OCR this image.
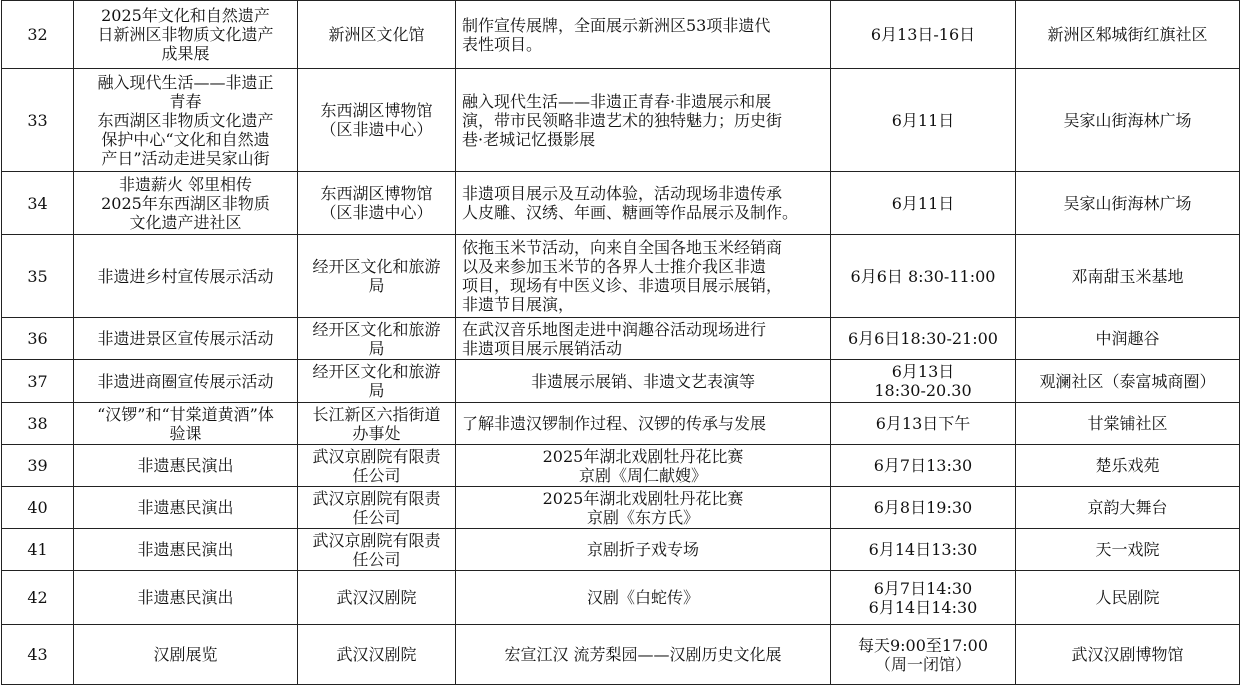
32	2025年文化和自然遗产
日新洲区非物质文化遗产
成果展	新洲区文化馆	制作宣传展牌，全面展示新洲区53项非遗代
表性项目。	6月13日-16日	新洲区邾城街红旗社区
33	融入现代生活——非遗正
青春
东西湖区非物质文化遗产
保护中心“文化和自然遗
产日”活动走进吴家山街	东西湖区博物馆
（区非遗中心）	融入现代生活——非遗正青春·非遗展示和展
演，带市民领略非遗艺术的独特魅力；历史街
巷·老城记忆摄影展	6月11日	吴家山街海林广场
34	非遗薪火 邻里相传
2025年东西湖区非物质
文化遗产进社区	东西湖区博物馆
（区非遗中心）	非遗项目展示及互动体验，活动现场非遗传承
人皮雕、汉绣、年画、糖画等作品展示及制作。	6月11日	吴家山街海林广场
35	非遗进乡村宣传展示活动	经开区文化和旅游
局	依拖玉米节活动，向来自全国各地玉米经销商
以及来参加玉米节的各界人士推介我区非遗
项目，现场有中医义诊、非遗项目展示展销，
非遗节目展演，	6月6日 8:30-11:00	邓南甜玉米基地
36	非遗进景区宣传展示活动	经开区文化和旅游
局	在武汉音乐地图走进中润趣谷活动现场进行
非遗项目展示展销活动	6月6日18:30-21:00	中润趣谷
37	非遗进商圈宣传展示活动	经开区文化和旅游
局	非遗展示展销、非遗文艺表演等	6月13日
18:30-20.30	观澜社区（泰富城商圈）
38	“汉锣”和“甘棠道黄酒”体
验课	长江新区六指街道
办事处	了解非遗汉锣制作过程、汉锣的传承与发展	6月13日下午	甘棠铺社区
39	非遗惠民演出	武汉京剧院有限责
任公司	2025年湖北戏剧牡丹花比赛
京剧《周仁献嫂》	6月7日13:30	楚乐戏苑
40	非遗惠民演出	武汉京剧院有限责
任公司	2025年湖北戏剧牡丹花比赛
京剧《东方氏》	6月8日19:30	京韵大舞台
41	非遗惠民演出	武汉京剧院有限责
任公司	京剧折子戏专场	6月14日13:30	天一戏院
42	非遗惠民演出	武汉汉剧院	汉剧《白蛇传》	6月7日14:30
6月14日14:30	人民剧院
43	汉剧展览	武汉汉剧院	宏宣江汉 流芳梨园——汉剧历史文化展	每天9:00至17:00
（周一闭馆）	武汉汉剧博物馆
